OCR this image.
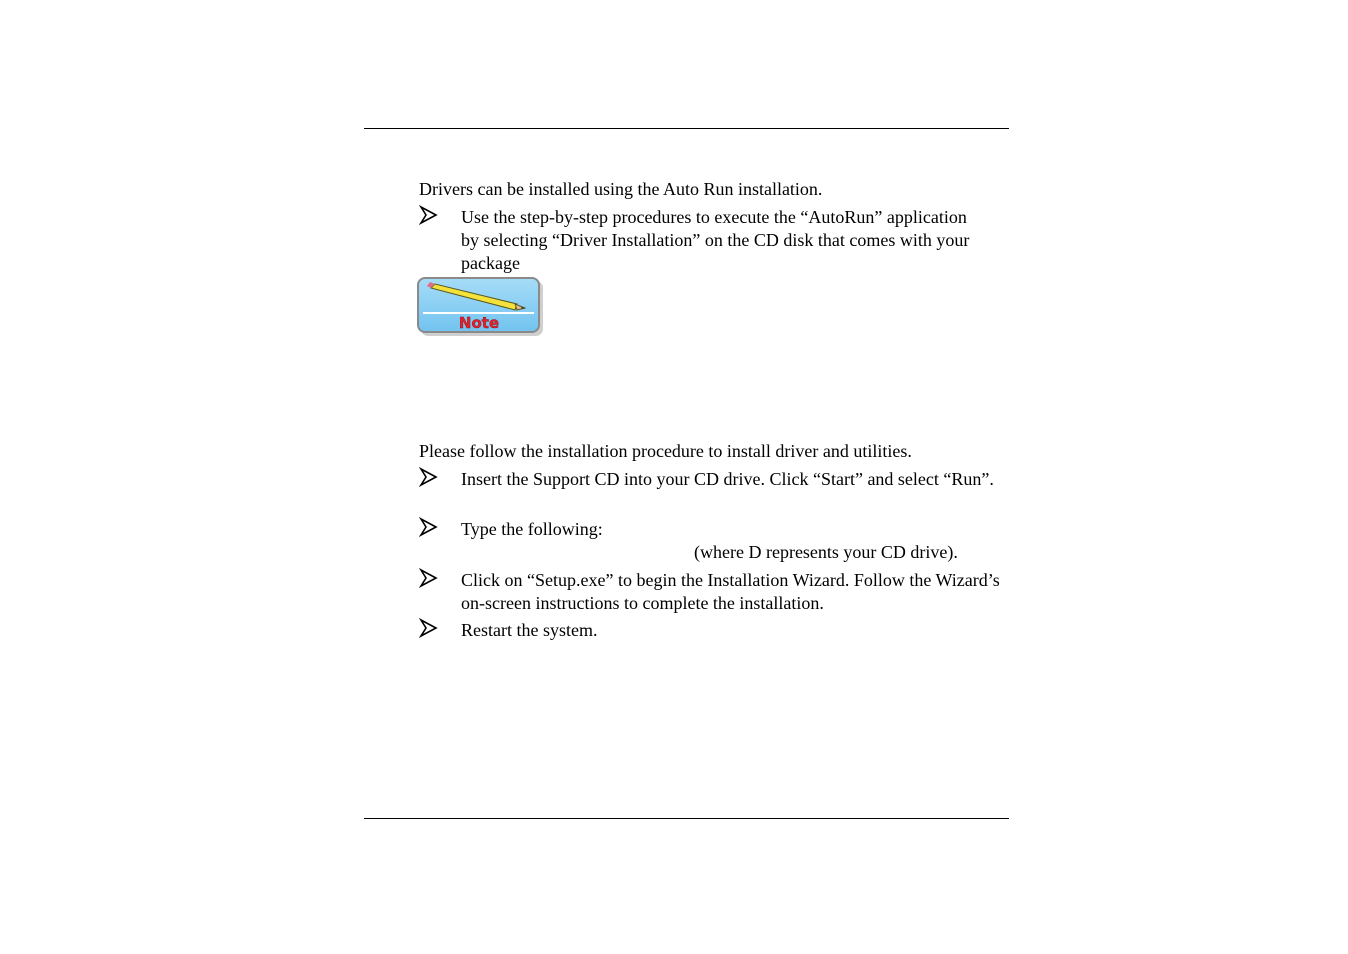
Drivers can be installed using the Auto Run installation.
Use the step-by-step procedures to execute the “AutoRun” application by selecting “Driver Installation” on the CD disk that comes with your package
Note
Please follow the installation procedure to install driver and utilities.
Insert the Support CD into your CD drive. Click “Start” and select “Run”.
Type the following:
(where D represents your CD drive).
Click on “Setup.exe” to begin the Installation Wizard. Follow the Wizard’s on-screen instructions to complete the installation.
Restart the system.
